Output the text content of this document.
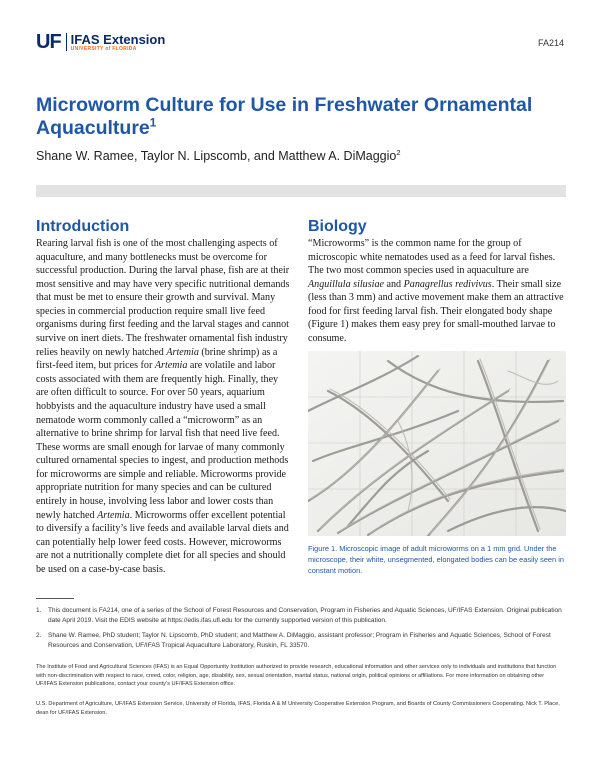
UF IFAS Extension
UNIVERSITY of FLORIDA
FA214
Microworm Culture for Use in Freshwater Ornamental Aquaculture$^1$
Shane W. Ramee, Taylor N. Lipscomb, and Matthew A. DiMaggio$^2$
Introduction
Rearing larval fish is one of the most challenging aspects of aquaculture, and many bottlenecks must be overcome for successful production. During the larval phase, fish are at their most sensitive and may have very specific nutritional demands that must be met to ensure their growth and survival. Many species in commercial production require small live feed organisms during first feeding and the larval stages and cannot survive on inert diets. The freshwater ornamental fish industry relies heavily on newly hatched Artemia (brine shrimp) as a first-feed item, but prices for Artemia are volatile and labor costs associated with them are frequently high. Finally, they are often difficult to source. For over 50 years, aquarium hobbyists and the aquaculture industry have used a small nematode worm commonly called a “microworm” as an alternative to brine shrimp for larval fish that need live feed. These worms are small enough for larvae of many commonly cultured ornamental species to ingest, and production methods for microworms are simple and reliable. Microworms provide appropriate nutrition for many species and can be cultured entirely in house, involving less labor and lower costs than newly hatched Artemia. Microworms offer excellent potential to diversify a facility’s live feeds and available larval diets and can potentially help lower feed costs. However, microworms are not a nutritionally complete diet for all species and should be used on a case-by-case basis.
Biology
“Microworms” is the common name for the group of microscopic white nematodes used as a feed for larval fishes. The two most common species used in aquaculture are Anguillula silusiae and Panagrellus redivivus. Their small size (less than 3 mm) and active movement make them an attractive food for first feeding larval fish. Their elongated body shape (Figure 1) makes them easy prey for small-mouthed larvae to consume.
Figure 1. Microscopic image of adult microworms on a 1 mm grid. Under the microscope, their white, unsegmented, elongated bodies can be easily seen in constant motion.
1.	This document is FA214, one of a series of the School of Forest Resources and Conservation, Program in Fisheries and Aquatic Sciences, UF/IFAS Extension. Original publication date April 2019. Visit the EDIS website at https://edis.ifas.ufl.edu for the currently supported version of this publication.
2.	Shane W. Ramee, PhD student; Taylor N. Lipscomb, PhD student; and Matthew A. DiMaggio, assistant professor; Program in Fisheries and Aquatic Sciences, School of Forest Resources and Conservation, UF/IFAS Tropical Aquaculture Laboratory, Ruskin, FL 33570.
The Institute of Food and Agricultural Sciences (IFAS) is an Equal Opportunity Institution authorized to provide research, educational information and other services only to individuals and institutions that function with non-discrimination with respect to race, creed, color, religion, age, disability, sex, sexual orientation, marital status, national origin, political opinions or affiliations. For more information on obtaining other UF/IFAS Extension publications, contact your county’s UF/IFAS Extension office.
U.S. Department of Agriculture, UF/IFAS Extension Service, University of Florida, IFAS, Florida A & M University Cooperative Extension Program, and Boards of County Commissioners Cooperating. Nick T. Place, dean for UF/IFAS Extension.
